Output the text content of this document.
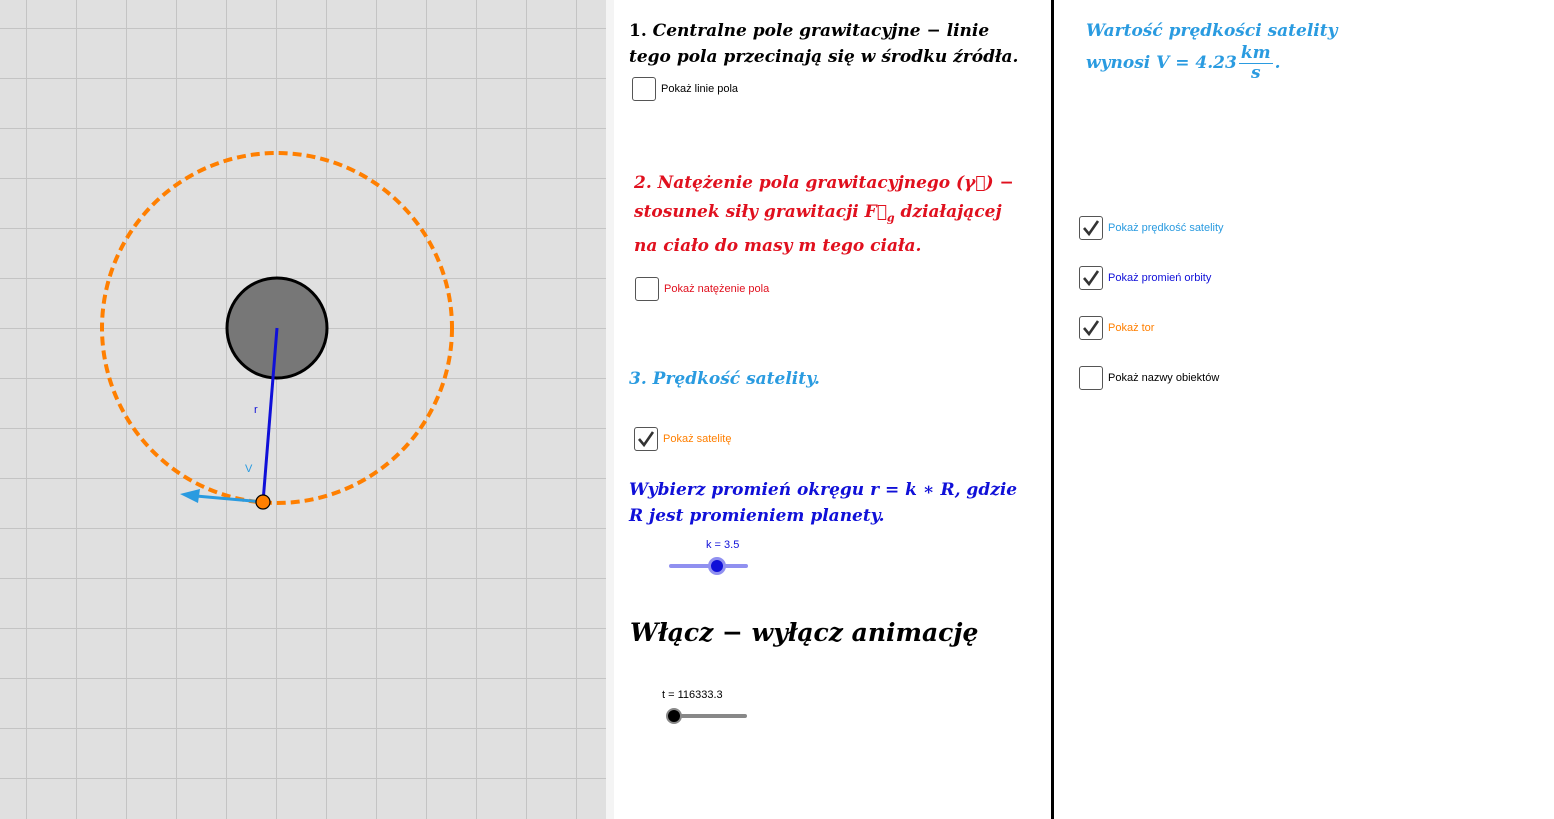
r
V
1. Centralne pole grawitacyjne − linie
tego pola przecinają się w środku źródła.
Pokaż linie pola
2. Natężenie pola grawitacyjnego (γ⃗) −
stosunek siły grawitacji $F⃗_g$ działającej
na ciało do masy m tego ciała.
Pokaż natężenie pola
3. Prędkość satelity.
Pokaż satelitę
Wybierz promień okręgu r = k ∗ R, gdzie
R jest promieniem planety.
k = 3.5
Włącz − wyłącz animację
t = 116333.3
Wartość prędkości satelity

wynosi $V = 4.23 \frac{km}{s}$ .
Pokaż prędkość satelity
Pokaż promień orbity
Pokaż tor
Pokaż nazwy obiektów
